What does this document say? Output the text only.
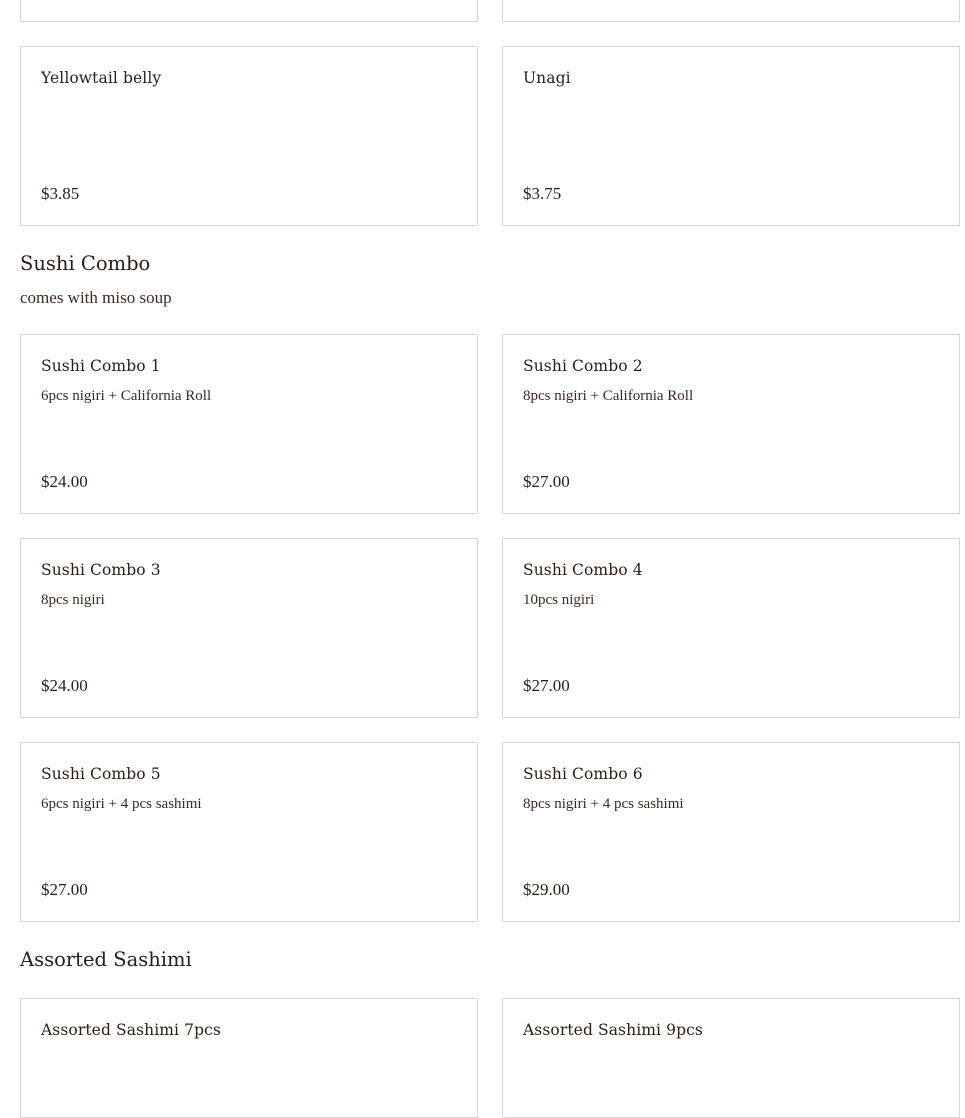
Yellowtail belly
$3.85
Unagi
$3.75
Sushi Combo
comes with miso soup
Sushi Combo 1
6pcs nigiri + California Roll
$24.00
Sushi Combo 2
8pcs nigiri + California Roll
$27.00
Sushi Combo 3
8pcs nigiri
$24.00
Sushi Combo 4
10pcs nigiri
$27.00
Sushi Combo 5
6pcs nigiri + 4 pcs sashimi
$27.00
Sushi Combo 6
8pcs nigiri + 4 pcs sashimi
$29.00
Assorted Sashimi
Assorted Sashimi 7pcs	Assorted Sashimi 9pcs
